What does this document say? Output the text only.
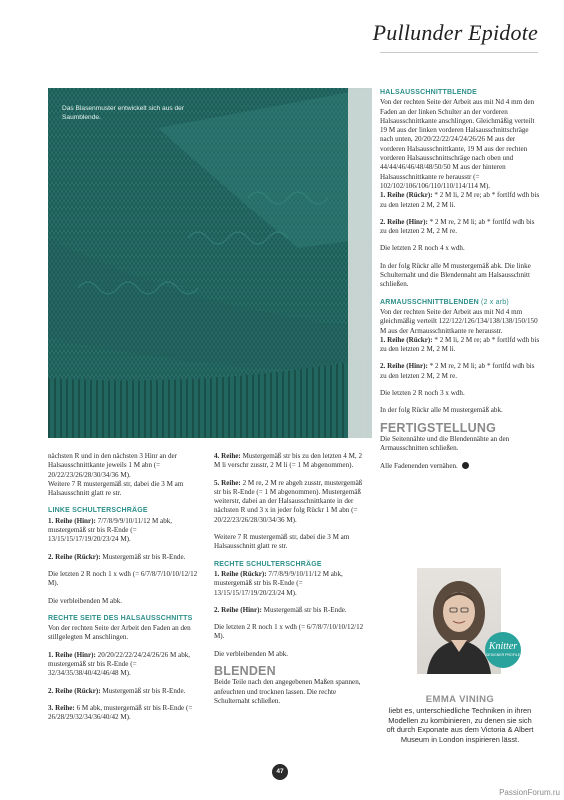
Pullunder Epidote
Das Blasenmuster entwickelt sich aus der Saumblende.
HALSAUSSCHNITTBLENDE

Von der rechten Seite der Arbeit aus mit Nd 4 mm den Faden an der linken Schulter an der vorderen Halsausschnittkante anschlingen. Gleichmäßig verteilt 19 M aus der linken vorderen Halsausschnittschräge nach unten, 20/20/22/22/24/24/26/26 M aus der vorderen Halsausschnittkante, 19 M aus der rechten vorderen Halsausschnittschräge nach oben und 44/44/46/46/48/48/50/50 M aus der hinteren Halsausschnittkante re herausstr (= 102/102/106/106/110/110/114/114 M).

1. Reihe (Rückr): * 2 M li, 2 M re; ab * fortlfd wdh bis zu den letzten 2 M, 2 M li.

2. Reihe (Hinr): * 2 M re, 2 M li; ab * fortlfd wdh bis zu den letzten 2 M, 2 M re.

Die letzten 2 R noch 4 x wdh.

In der folg Rückr alle M mustergemäß abk. Die linke Schulternaht und die Blendennaht am Halsausschnitt schließen.

ARMAUSSCHNITTBLENDEN (2 x arb)

Von der rechten Seite der Arbeit aus mit Nd 4 mm gleichmäßig verteilt 122/122/126/134/138/138/150/150 M aus der Armausschnittkante re herausstr.

1. Reihe (Rückr): * 2 M li, 2 M re; ab * fortlfd wdh bis zu den letzten 2 M, 2 M li.

2. Reihe (Hinr): * 2 M re, 2 M li; ab * fortlfd wdh bis zu den letzten 2 M, 2 M re.

Die letzten 2 R noch 3 x wdh.

In der folg Rückr alle M mustergemäß abk.

FERTIGSTELLUNG

Die Seitennähte und die Blendennähte an den Armausschnitten schließen.

Alle Fadenenden vernähen.

nächsten R und in den nächsten 3 Hinr an der Halsausschnittkante jeweils 1 M abn (= 20/22/23/26/28/30/34/36 M).

Weitere 7 R mustergemäß str, dabei die 3 M am Halsausschnitt glatt re str.

LINKE SCHULTERSCHRÄGE

1. Reihe (Hinr): 7/7/8/9/9/10/11/12 M abk, mustergemäß str bis R-Ende (= 13/15/15/17/19/20/23/24 M).

2. Reihe (Rückr): Mustergemäß str bis R-Ende.

Die letzten 2 R noch 1 x wdh (= 6/7/8/7/10/10/12/12 M).

Die verbleibenden M abk.

RECHTE SEITE DES HALSAUSSCHNITTS

Von der rechten Seite der Arbeit den Faden an den stillgelegten M anschlingen.

1. Reihe (Hinr): 20/20/22/22/24/24/26/26 M abk, mustergemäß str bis R-Ende (= 32/34/35/38/40/42/46/48 M).

2. Reihe (Rückr): Mustergemäß str bis R-Ende.

3. Reihe: 6 M abk, mustergemäß str bis R-Ende (= 26/28/29/32/34/36/40/42 M).

4. Reihe: Mustergemäß str bis zu den letzten 4 M, 2 M li verschr zusstr, 2 M li (= 1 M abgenommen).

5. Reihe: 2 M re, 2 M re abgeh zusstr, mustergemäß str bis R-Ende (= 1 M abgenommen). Mustergemäß weiterstr, dabei an der Halsausschnittkante in der nächsten R und 3 x in jeder folg Rückr 1 M abn (= 20/22/23/26/28/30/34/36 M).

Weitere 7 R mustergemäß str, dabei die 3 M am Halsausschnitt glatt re str.

RECHTE SCHULTERSCHRÄGE

1. Reihe (Rückr): 7/7/8/9/9/10/11/12 M abk, mustergemäß str bis R-Ende (= 13/15/15/17/19/20/23/24 M).

2. Reihe (Hinr): Mustergemäß str bis R-Ende.

Die letzten 2 R noch 1 x wdh (= 6/7/8/7/10/10/12/12 M).

Die verbleibenden M abk.

BLENDEN

Beide Teile nach den angegebenen Maßen spannen, anfeuchten und trocknen lassen. Die rechte Schulternaht schließen.

Knitter
DESIGNER PROFILE
EMMA VINING
liebt es, unterschiedliche Techniken in ihren Modellen zu kombinieren, zu denen sie sich oft durch Exponate aus dem Victoria & Albert Museum in London inspirieren lässt.
47
PassionForum.ru
